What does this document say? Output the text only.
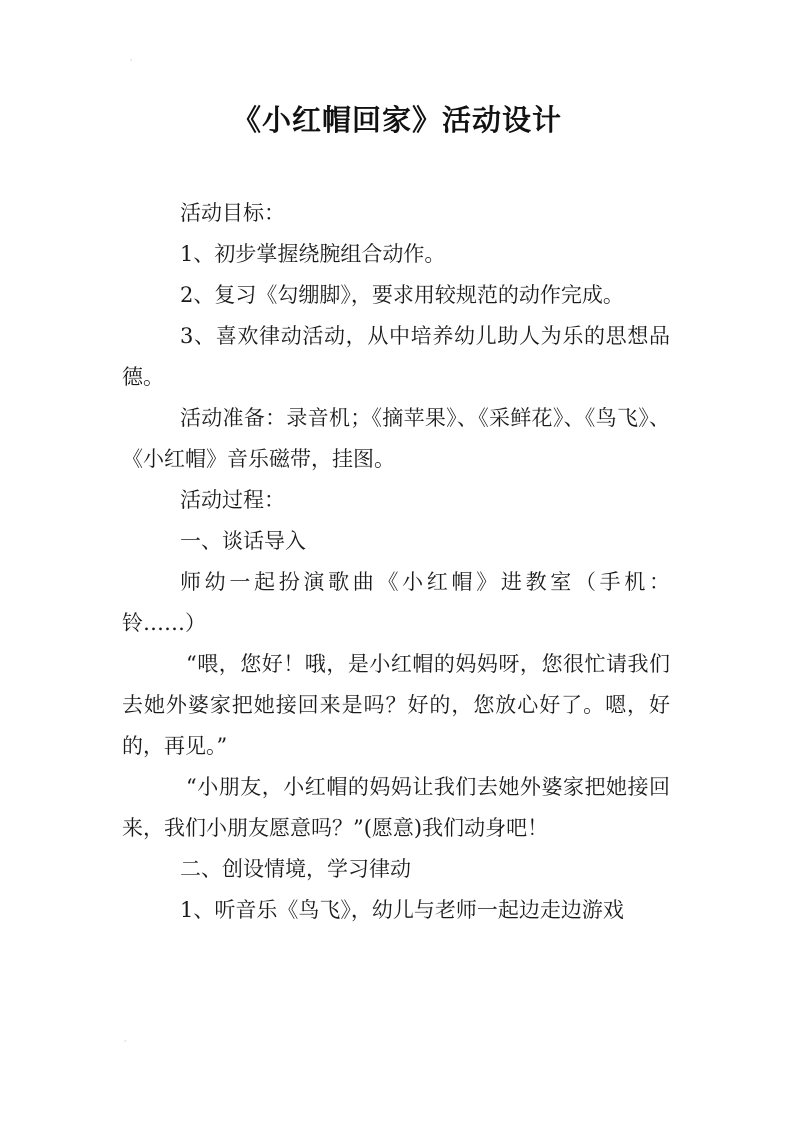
'
《小红帽回家》活动设计

活动目标：

1、初步掌握绕腕组合动作。

2、复习《勾绷脚》，要求用较规范的动作完成。

3、喜欢律动活动，从中培养幼儿助人为乐的思想品德。

活动准备：录音机；《摘苹果》、《采鲜花》、《鸟飞》、《小红帽》音乐磁带，挂图。

活动过程：

一、谈话导入

师幼一起扮演歌曲《小红帽》进教室（手机：铃……）

“喂，您好！哦，是小红帽的妈妈呀，您很忙请我们去她外婆家把她接回来是吗？好的，您放心好了。嗯，好的，再见。”

“小朋友，小红帽的妈妈让我们去她外婆家把她接回来，我们小朋友愿意吗？”(愿意)我们动身吧！

二、创设情境，学习律动

1、听音乐《鸟飞》，幼儿与老师一起边走边游戏

,
